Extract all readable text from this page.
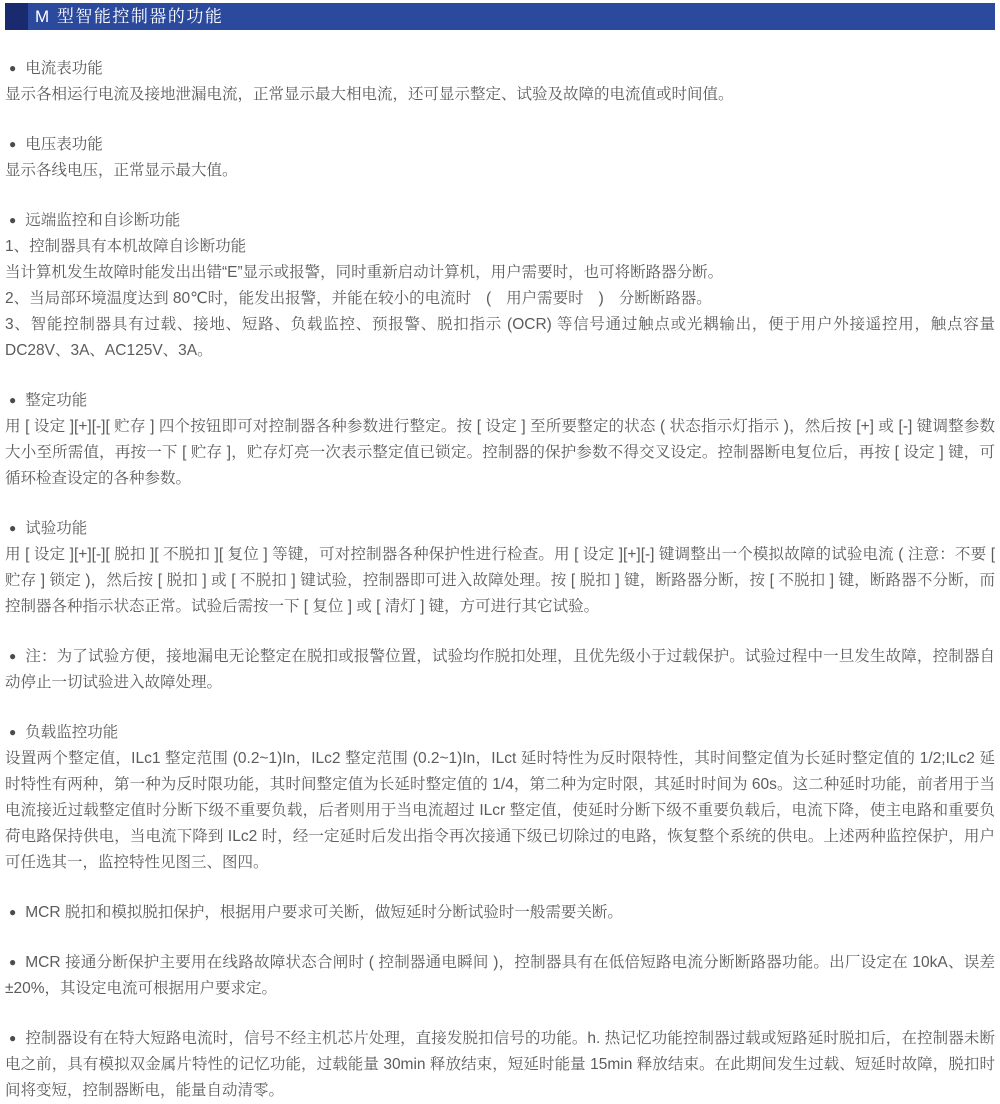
M 型智能控制器的功能
● 电流表功能

显示各相运行电流及接地泄漏电流，正常显示最大相电流，还可显示整定、试验及故障的电流值或时间值。

● 电压表功能

显示各线电压，正常显示最大值。

● 远端监控和自诊断功能

1、控制器具有本机故障自诊断功能

当计算机发生故障时能发出出错“E”显示或报警，同时重新启动计算机，用户需要时，也可将断路器分断。

2、当局部环境温度达到 80℃时，能发出报警，并能在较小的电流时ﾠ(ﾠ用户需要时ﾠ)ﾠ分断断路器。

3、智能控制器具有过载、接地、短路、负载监控、预报警、脱扣指示 (OCR) 等信号通过触点或光耦输出，便于用户外接遥控用，触点容量 DC28V、3A、AC125V、3A。

● 整定功能

用 [ 设定 ][+][-][ 贮存 ] 四个按钮即可对控制器各种参数进行整定。按 [ 设定 ] 至所要整定的状态 ( 状态指示灯指示 )，然后按 [+] 或 [-] 键调整参数大小至所需值，再按一下 [ 贮存 ]，贮存灯亮一次表示整定值已锁定。控制器的保护参数不得交叉设定。控制器断电复位后，再按 [ 设定 ] 键，可循环检查设定的各种参数。

● 试验功能

用 [ 设定 ][+][-][ 脱扣 ][ 不脱扣 ][ 复位 ] 等键，可对控制器各种保护性进行检查。用 [ 设定 ][+][-] 键调整出一个模拟故障的试验电流 ( 注意：不要 [ 贮存 ] 锁定 )，然后按 [ 脱扣 ] 或 [ 不脱扣 ] 键试验，控制器即可进入故障处理。按 [ 脱扣 ] 键，断路器分断，按 [ 不脱扣 ] 键，断路器不分断，而控制器各种指示状态正常。试验后需按一下 [ 复位 ] 或 [ 清灯 ] 键，方可进行其它试验。

● 注：为了试验方便，接地漏电无论整定在脱扣或报警位置，试验均作脱扣处理，且优先级小于过载保护。试验过程中一旦发生故障，控制器自动停止一切试验进入故障处理。

● 负载监控功能

设置两个整定值，ILc1 整定范围 (0.2~1)In，ILc2 整定范围 (0.2~1)In，ILct 延时特性为反时限特性，其时间整定值为长延时整定值的 1/2;ILc2 延时特性有两种，第一种为反时限功能，其时间整定值为长延时整定值的 1/4，第二种为定时限，其延时时间为 60s。这二种延时功能，前者用于当电流接近过载整定值时分断下级不重要负载，后者则用于当电流超过 ILcr 整定值，使延时分断下级不重要负载后，电流下降，使主电路和重要负荷电路保持供电，当电流下降到 ILc2 时，经一定延时后发出指令再次接通下级已切除过的电路，恢复整个系统的供电。上述两种监控保护，用户可任选其一，监控特性见图三、图四。

● MCR 脱扣和模拟脱扣保护，根据用户要求可关断，做短延时分断试验时一般需要关断。

● MCR 接通分断保护主要用在线路故障状态合闸时 ( 控制器通电瞬间 )，控制器具有在低倍短路电流分断断路器功能。出厂设定在 10kA、误差 ±20%，其设定电流可根据用户要求定。

● 控制器设有在特大短路电流时，信号不经主机芯片处理，直接发脱扣信号的功能。h. 热记忆功能控制器过载或短路延时脱扣后，在控制器未断电之前，具有模拟双金属片特性的记忆功能，过载能量 30min 释放结束，短延时能量 15min 释放结束。在此期间发生过载、短延时故障，脱扣时间将变短，控制器断电，能量自动清零。
